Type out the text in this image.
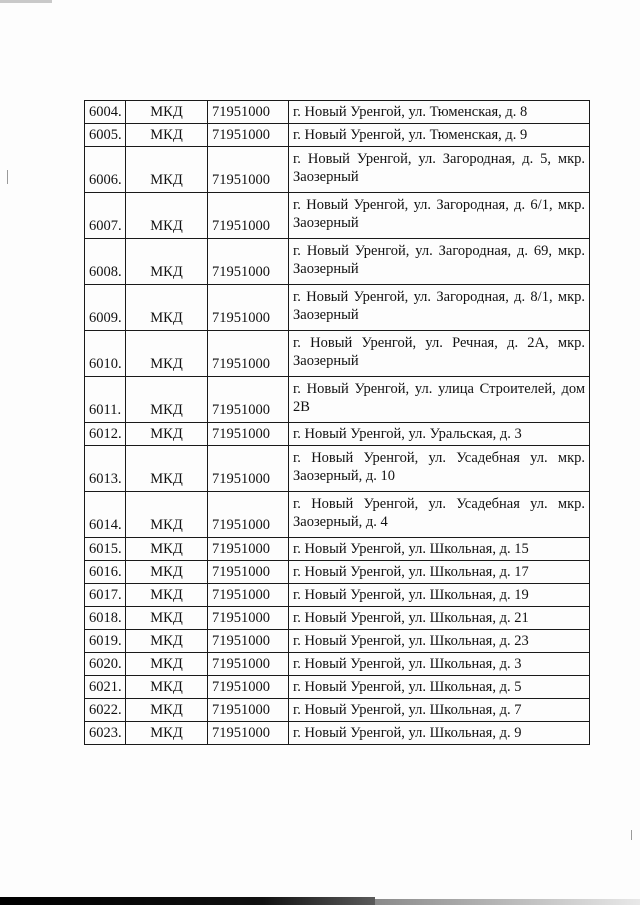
6004.	МКД	71951000	г. Новый Уренгой, ул. Тюменская, д. 8
6005.	МКД	71951000	г. Новый Уренгой, ул. Тюменская, д. 9
6006.	МКД	71951000	г. Новый Уренгой, ул. Загородная, д. 5, мкр. Заозерный
6007.	МКД	71951000	г. Новый Уренгой, ул. Загородная, д. 6/1, мкр. Заозерный
6008.	МКД	71951000	г. Новый Уренгой, ул. Загородная, д. 69, мкр. Заозерный
6009.	МКД	71951000	г. Новый Уренгой, ул. Загородная, д. 8/1, мкр. Заозерный
6010.	МКД	71951000	г. Новый Уренгой, ул. Речная, д. 2А, мкр. Заозерный
6011.	МКД	71951000	г. Новый Уренгой, ул. улица Строителей, дом 2В
6012.	МКД	71951000	г. Новый Уренгой, ул. Уральская, д. 3
6013.	МКД	71951000	г. Новый Уренгой, ул. Усадебная ул. мкр. Заозерный, д. 10
6014.	МКД	71951000	г. Новый Уренгой, ул. Усадебная ул. мкр. Заозерный, д. 4
6015.	МКД	71951000	г. Новый Уренгой, ул. Школьная, д. 15
6016.	МКД	71951000	г. Новый Уренгой, ул. Школьная, д. 17
6017.	МКД	71951000	г. Новый Уренгой, ул. Школьная, д. 19
6018.	МКД	71951000	г. Новый Уренгой, ул. Школьная, д. 21
6019.	МКД	71951000	г. Новый Уренгой, ул. Школьная, д. 23
6020.	МКД	71951000	г. Новый Уренгой, ул. Школьная, д. 3
6021.	МКД	71951000	г. Новый Уренгой, ул. Школьная, д. 5
6022.	МКД	71951000	г. Новый Уренгой, ул. Школьная, д. 7
6023.	МКД	71951000	г. Новый Уренгой, ул. Школьная, д. 9
